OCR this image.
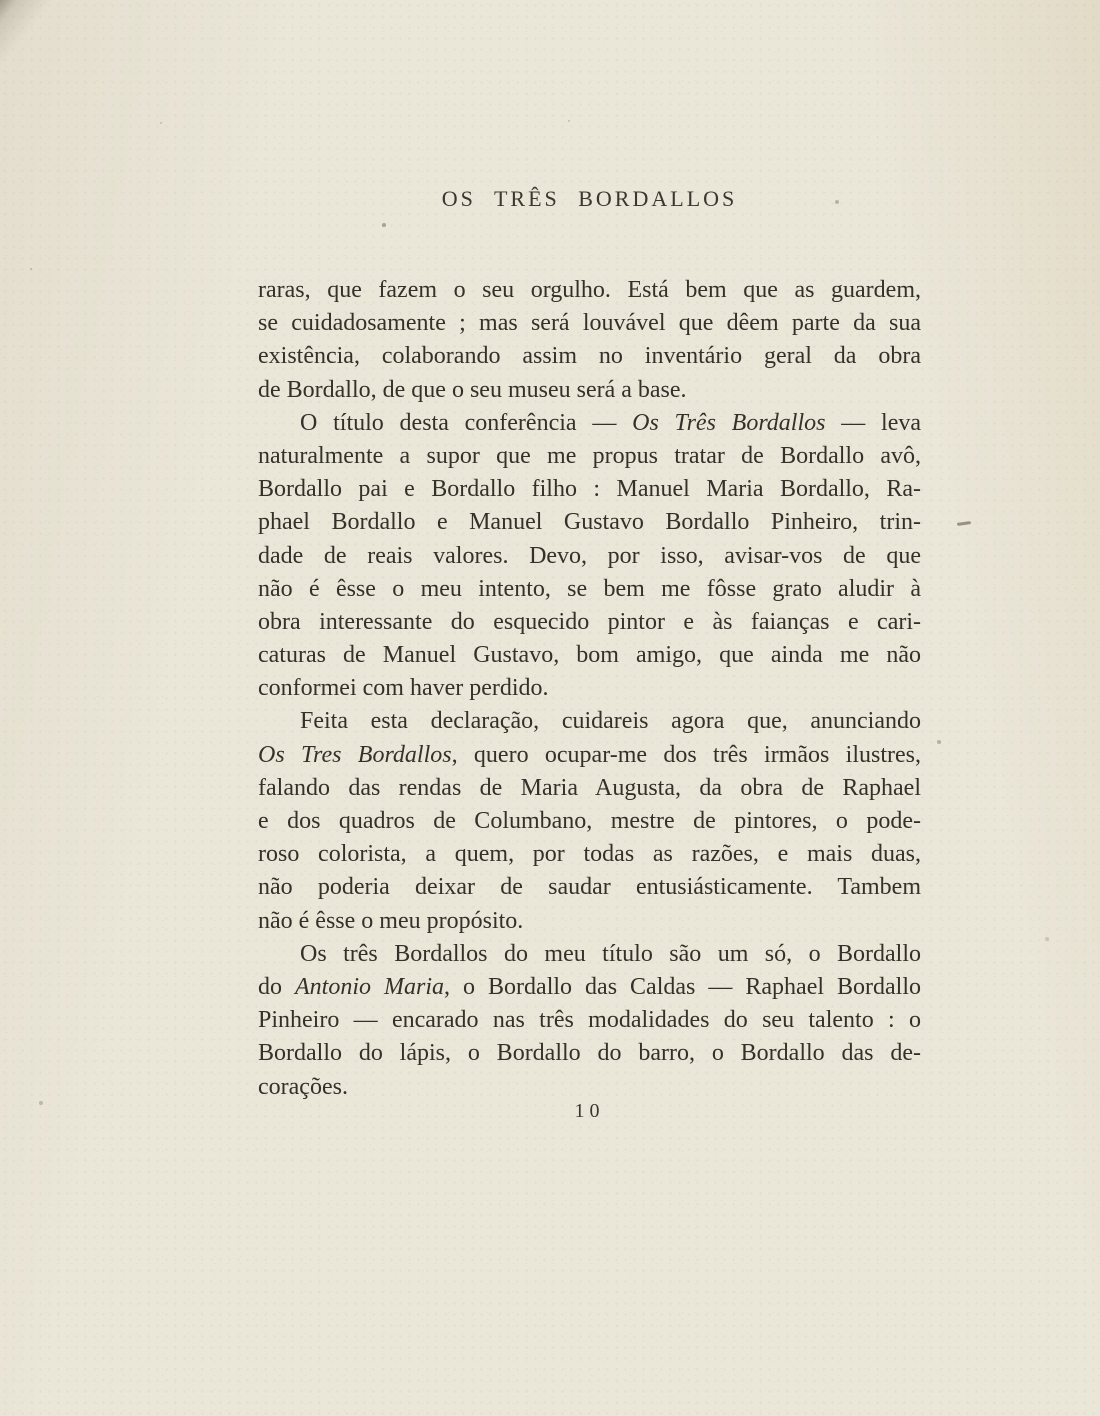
OS TRÊS BORDALLOS
raras, que fazem o seu orgulho. Está bem que as guardem,
se cuidadosamente ; mas será louvável que dêem parte da sua
existência, colaborando assim no inventário geral da obra
de Bordallo, de que o seu museu será a base.
O título desta conferência — Os Três Bordallos — leva
naturalmente a supor que me propus tratar de Bordallo avô,
Bordallo pai e Bordallo filho : Manuel Maria Bordallo, Ra-
phael Bordallo e Manuel Gustavo Bordallo Pinheiro, trin-
dade de reais valores. Devo, por isso, avisar-vos de que
não é êsse o meu intento, se bem me fôsse grato aludir à
obra interessante do esquecido pintor e às faianças e cari-
caturas de Manuel Gustavo, bom amigo, que ainda me não
conformei com haver perdido.
Feita esta declaração, cuidareis agora que, anunciando
Os Tres Bordallos, quero ocupar-me dos três irmãos ilustres,
falando das rendas de Maria Augusta, da obra de Raphael
e dos quadros de Columbano, mestre de pintores, o pode-
roso colorista, a quem, por todas as razões, e mais duas,
não poderia deixar de saudar entusiásticamente. Tambem
não é êsse o meu propósito.
Os três Bordallos do meu título são um só, o Bordallo
do Antonio Maria, o Bordallo das Caldas — Raphael Bordallo
Pinheiro — encarado nas três modalidades do seu talento : o
Bordallo do lápis, o Bordallo do barro, o Bordallo das de-
corações.
10
